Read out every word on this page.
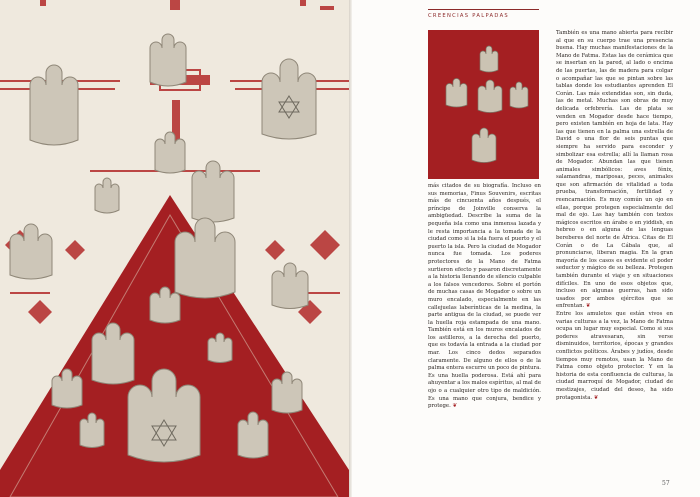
CREENCIAS PALPADAS

más citados de su biografía. Incluso en sus memorias, Finus Souvenirs, escritas más de cincuenta años después, el príncipe de Joinville conserva la ambigüedad. Describe la suma de la pequeña isla como una inmensa lazada y le resta importancia a la tomada de la ciudad como si la isla fuera el puerto y el puerto la isla. Pero la ciudad de Mogador nunca fue tomada. Los poderes protectores de la Mano de Fatma surtieron efecto y pasaron discretamente a la historia llenando de silencio culpable a los falsos vencedores. Sobre el portón de muchas casas de Mogador o sobre un muro encalado, especialmente en las callejuelas laberínticas de la medina, la parte antigua de la ciudad, se puede ver la huella roja estampada de una mano. También está en los muros encalados de los astilleros, a la derecha del puerto, que es todavía la entrada a la ciudad por mar. Los cinco dedos separados claramente. De alguno de ellos o de la palma entera escurre un poco de pintura. Es una huella poderosa. Está ahí para ahuyentar a los malos espíritus, al mal de ojo o a cualquier otro tipo de maldición. Es una mano que conjura, bendice y protege. ❦

También es una mano abierta para recibir al que en su cuerpo trae una presencia buena. Hay muchas manifestaciones de la Mano de Fatma. Estas las de cerámica que se insertan en la pared, al lado o encima de las puertas, las de madera para colgar o acompañar las que se pintan sobre las tablas donde los estudiantes aprenden El Corán. Las más extendidas son, sin duda, las de metal. Muchas son obras de muy delicada orfebrería. Las de plata se venden en Mogador desde hace tiempo, pero existen también en hoja de lata. Hay las que tienen en la palma una estrella de David o una flor de seis puntas que siempre ha servido para esconder y simbolizar esa estrella; allí la llaman rosa de Mogador. Abundan las que tienen animales simbólicos: aves fénix, salamandras, mariposas, peces, animales que son afirmación de vitalidad a toda prueba, transformación, fertilidad y reencarnación. Es muy común un ojo en ellas, porque protegen especialmente del mal de ojo. Las hay también con textos mágicos escritos en árabe o en yiddish, en hebreo o en alguna de las lenguas bereberes del norte de África. Citas de El Corán o de La Cábala que, al pronunciarse, liberan magia. En la gran mayoría de los casos es evidente el poder seductor y mágico de su belleza. Protegen también durante el viaje y en situaciones difíciles. En uno de esos objetos que, incluso en algunas guerras, han sido usados por ambos ejércitos que se enfrentan. ❦

Entre los amuletos que están vivos en varias culturas a la vez, la Mano de Fatma ocupa un lugar muy especial. Como si sus poderes atravesaran, sin verse disminuidos, territorios, épocas y grandes conflictos políticos. Árabes y judíos, desde tiempos muy remotos, usan la Mano de Fatma como objeto protector. Y en la historia de esta confluencia de culturas, la ciudad marroquí de Mogador, ciudad de mestizajes, ciudad del deseo, ha sido protagonista. ❦

57
